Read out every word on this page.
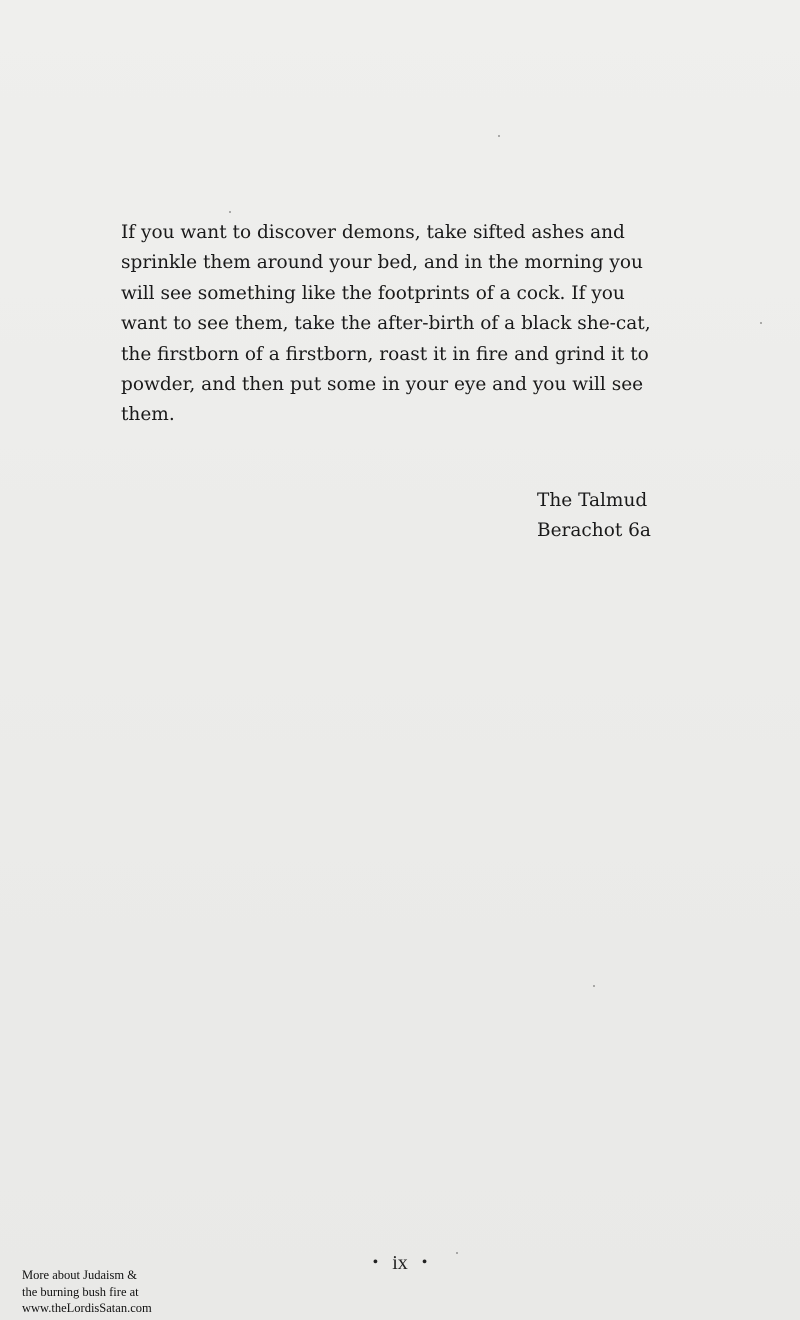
If you want to discover demons, take sifted ashes and sprinkle them around your bed, and in the morning you will see something like the footprints of a cock. If you want to see them, take the after-birth of a black she-cat, the firstborn of a firstborn, roast it in fire and grind it to powder, and then put some in your eye and you will see them.

The Talmud
Berachot 6a
• ix •
More about Judaism &
the burning bush fire at
www.theLordisSatan.com
